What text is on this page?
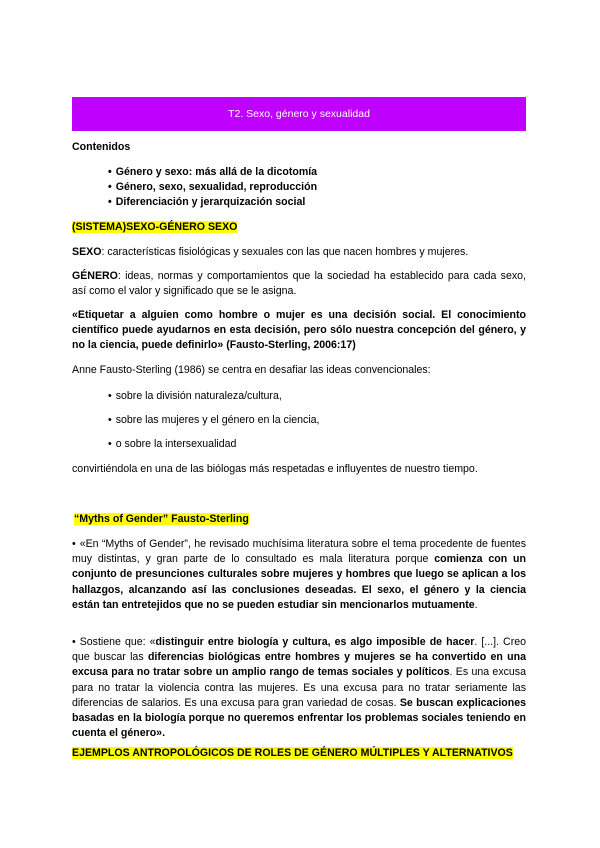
T2. Sexo, género y sexualidad
Contenidos
• Género y sexo: más allá de la dicotomía
• Género, sexo, sexualidad, reproducción
• Diferenciación y jerarquización social
(SISTEMA)SEXO-GÉNERO SEXO

SEXO: características fisiológicas y sexuales con las que nacen hombres y mujeres.

GÉNERO: ideas, normas y comportamientos que la sociedad ha establecido para cada sexo, así como el valor y significado que se le asigna.

«Etiquetar a alguien como hombre o mujer es una decisión social. El conocimiento científico puede ayudarnos en esta decisión, pero sólo nuestra concepción del género, y no la ciencia, puede definirlo» (Fausto-Sterling, 2006:17)

Anne Fausto-Sterling (1986) se centra en desafiar las ideas convencionales:

• sobre la división naturaleza/cultura,

• sobre las mujeres y el género en la ciencia,

• o sobre la intersexualidad

convirtiéndola en una de las biólogas más respetadas e influyentes de nuestro tiempo.

“Myths of Gender” Fausto-Sterling

• «En “Myths of Gender”, he revisado muchísima literatura sobre el tema procedente de fuentes muy distintas, y gran parte de lo consultado es mala literatura porque comienza con un conjunto de presunciones culturales sobre mujeres y hombres que luego se aplican a los hallazgos, alcanzando así las conclusiones deseadas. El sexo, el género y la ciencia están tan entretejidos que no se pueden estudiar sin mencionarlos mutuamente.

• Sostiene que: «distinguir entre biología y cultura, es algo imposible de hacer. [...]. Creo que buscar las diferencias biológicas entre hombres y mujeres se ha convertido en una excusa para no tratar sobre un amplio rango de temas sociales y políticos. Es una excusa para no tratar la violencia contra las mujeres. Es una excusa para no tratar seriamente las diferencias de salarios. Es una excusa para gran variedad de cosas. Se buscan explicaciones basadas en la biología porque no queremos enfrentar los problemas sociales teniendo en cuenta el género».

EJEMPLOS ANTROPOLÓGICOS DE ROLES DE GÉNERO MÚLTIPLES Y ALTERNATIVOS
